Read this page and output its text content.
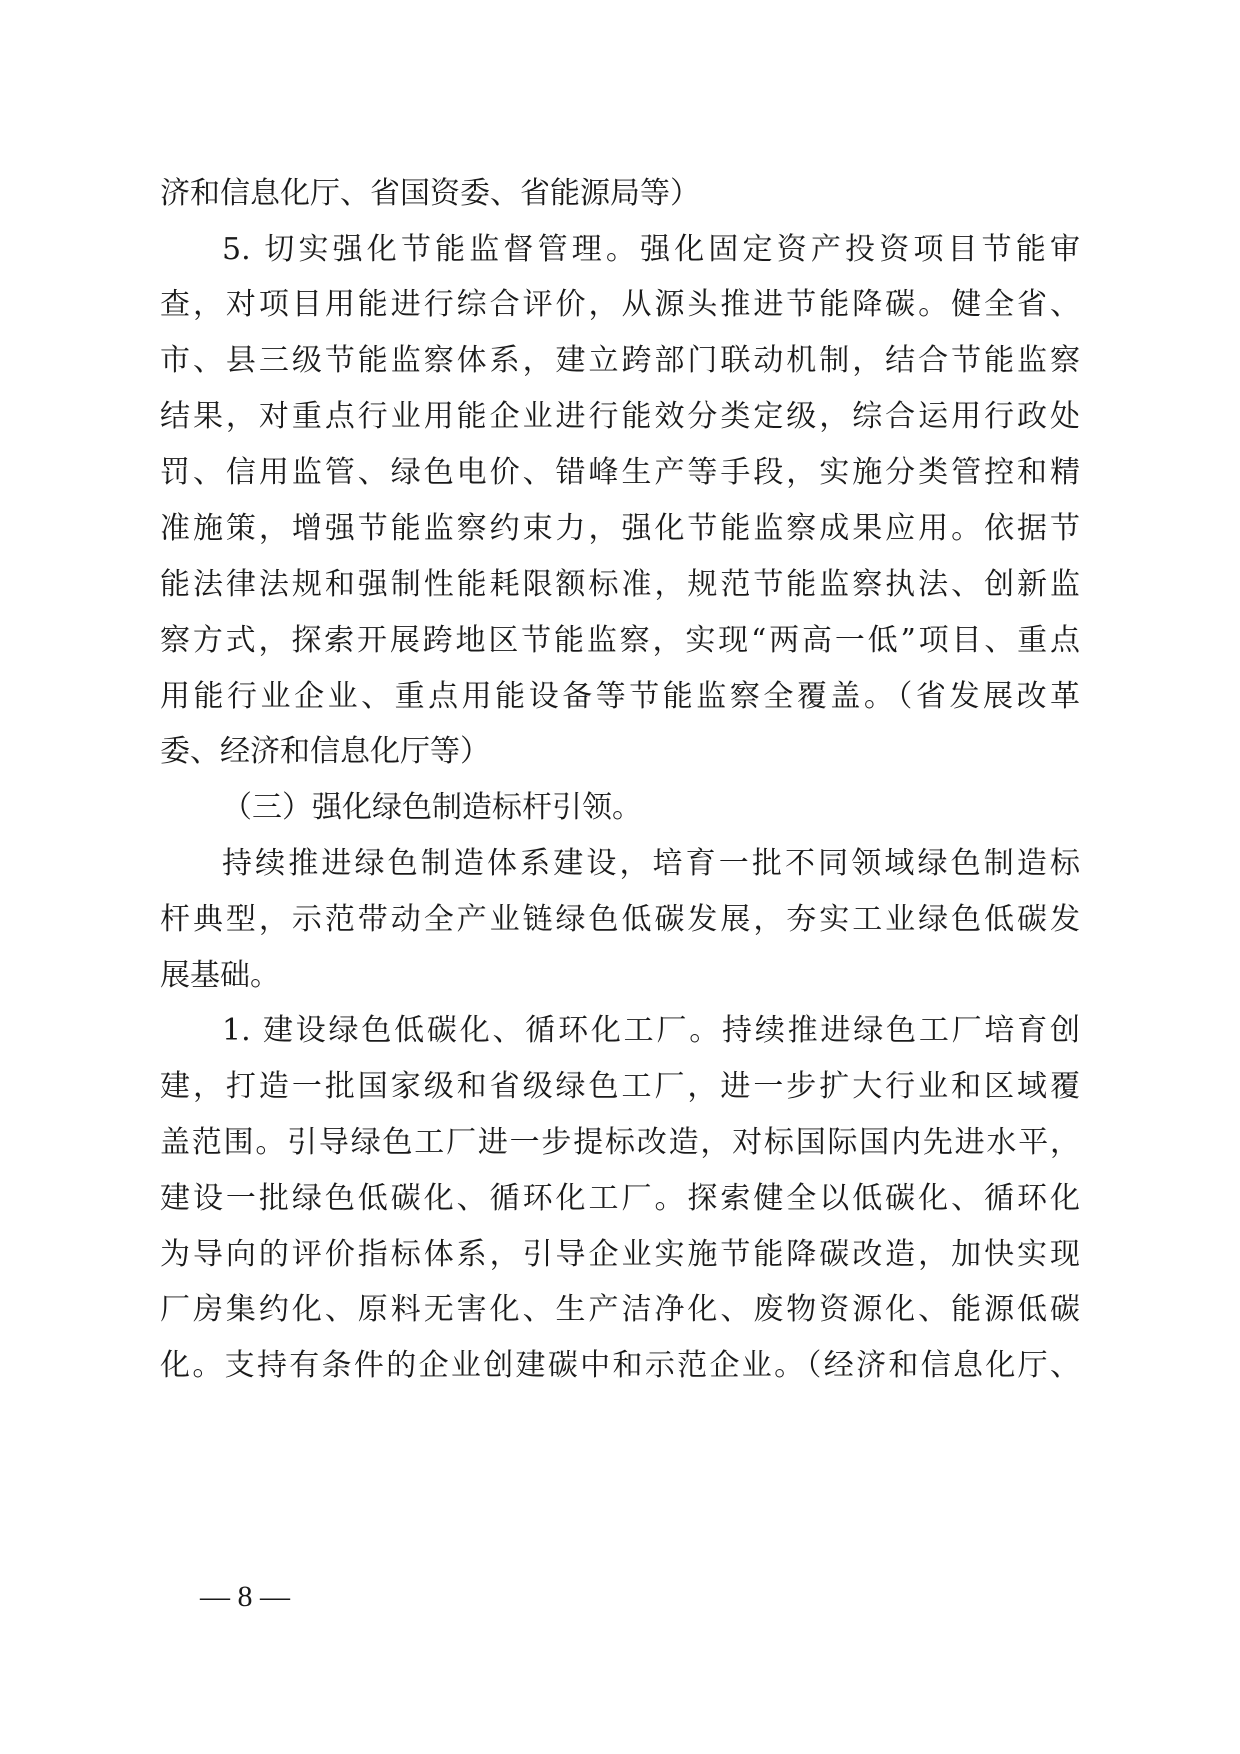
济和信息化厅、省国资委、省能源局等）
5. 切实强化节能监督管理。强化固定资产投资项目节能审
查，对项目用能进行综合评价，从源头推进节能降碳。健全省、
市、县三级节能监察体系，建立跨部门联动机制，结合节能监察
结果，对重点行业用能企业进行能效分类定级，综合运用行政处
罚、信用监管、绿色电价、错峰生产等手段，实施分类管控和精
准施策，增强节能监察约束力，强化节能监察成果应用。依据节
能法律法规和强制性能耗限额标准，规范节能监察执法、创新监
察方式，探索开展跨地区节能监察，实现“两高一低”项目、重点
用能行业企业、重点用能设备等节能监察全覆盖。（省发展改革
委、经济和信息化厅等）
（三）强化绿色制造标杆引领。
持续推进绿色制造体系建设，培育一批不同领域绿色制造标
杆典型，示范带动全产业链绿色低碳发展，夯实工业绿色低碳发
展基础。
1. 建设绿色低碳化、循环化工厂。持续推进绿色工厂培育创
建，打造一批国家级和省级绿色工厂，进一步扩大行业和区域覆
盖范围。引导绿色工厂进一步提标改造，对标国际国内先进水平，
建设一批绿色低碳化、循环化工厂。探索健全以低碳化、循环化
为导向的评价指标体系，引导企业实施节能降碳改造，加快实现
厂房集约化、原料无害化、生产洁净化、废物资源化、能源低碳
化。支持有条件的企业创建碳中和示范企业。（经济和信息化厅、
— 8 —
